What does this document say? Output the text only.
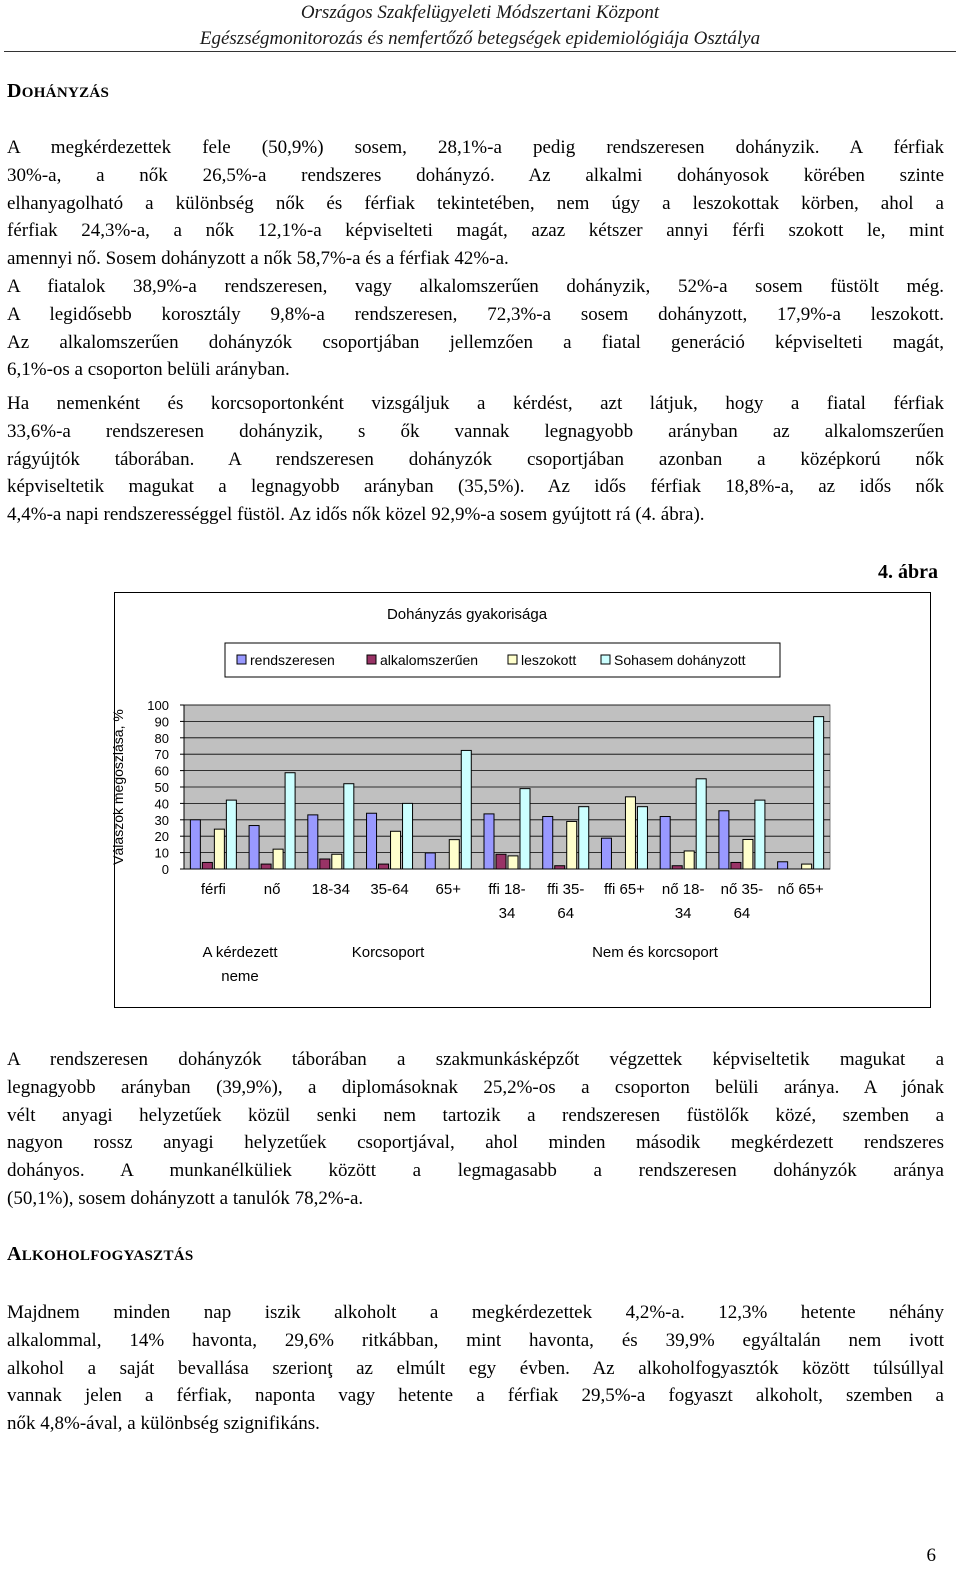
Országos Szakfelügyeleti Módszertani Központ
Egészségmonitorozás és nemfertőző betegségek epidemiológiája Osztálya
DOHÁNYZÁS
A megkérdezettek fele (50,9%) sosem, 28,1%-a pedig rendszeresen dohányzik. A férfiak
30%-a, a nők 26,5%-a rendszeres dohányzó. Az alkalmi dohányosok körében szinte
elhanyagolható a különbség nők és férfiak tekintetében, nem úgy a leszokottak körben, ahol a
férfiak 24,3%-a, a nők 12,1%-a képviselteti magát, azaz kétszer annyi férfi szokott le, mint
amennyi nő. Sosem dohányzott a nők 58,7%-a és a férfiak 42%-a.
A fiatalok 38,9%-a rendszeresen, vagy alkalomszerűen dohányzik, 52%-a sosem füstölt még.
A legidősebb korosztály 9,8%-a rendszeresen, 72,3%-a sosem dohányzott, 17,9%-a leszokott.
Az alkalomszerűen dohányzók csoportjában jellemzően a fiatal generáció képviselteti magát,
6,1%-os a csoporton belüli arányban.
Ha nemenként és korcsoportonként vizsgáljuk a kérdést, azt látjuk, hogy a fiatal férfiak
33,6%-a rendszeresen dohányzik, s ők vannak legnagyobb arányban az alkalomszerűen
rágyújtók táborában. A rendszeresen dohányzók csoportjában azonban a középkorú nők
képviseltetik magukat a legnagyobb arányban (35,5%). Az idős férfiak 18,8%-a, az idős nők
4,4%-a napi rendszerességgel füstöl. Az idős nők közel 92,9%-a sosem gyújtott rá (4. ábra).
4. ábra
Dohányzás gyakorisága
rendszeresen	alkalomszerűen	leszokott	Sohasem dohányzott
0
10
20
30
40
50
60
70
80
90
100
Válaszok megoszlása, %
férfi	nő 18-34 35-64 65+ ffi 18-
34
ffi 35-
64
ffi 65+ nő 18-
34
nő 35-
64
nő 65+
A kérdezett
neme
Korcsoport	Nem és korcsoport
A rendszeresen dohányzók táborában a szakmunkásképzőt végzettek képviseltetik magukat a
legnagyobb arányban (39,9%), a diplomásoknak 25,2%-os a csoporton belüli aránya. A jónak
vélt anyagi helyzetűek közül senki nem tartozik a rendszeresen füstölők közé, szemben a
nagyon rossz anyagi helyzetűek csoportjával, ahol minden második megkérdezett rendszeres
dohányos. A munkanélküliek között a legmagasabb a rendszeresen dohányzók aránya
(50,1%), sosem dohányzott a tanulók 78,2%-a.
ALKOHOLFOGYASZTÁS
Majdnem minden nap iszik alkoholt a megkérdezettek 4,2%-a. 12,3% hetente néhány
alkalommal, 14% havonta, 29,6% ritkábban, mint havonta, és 39,9% egyáltalán nem ivott
alkohol a saját bevallása szerionţ az elmúlt egy évben. Az alkoholfogyasztók között túlsúllyal
vannak jelen a férfiak, naponta vagy hetente a férfiak 29,5%-a fogyaszt alkoholt, szemben a
nők 4,8%-ával, a különbség szignifikáns.
6
